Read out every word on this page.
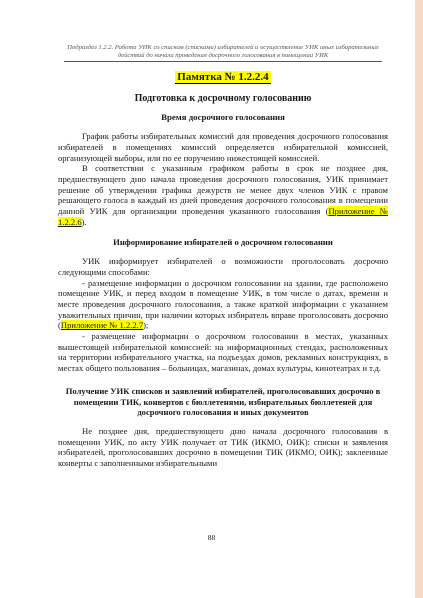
Подраздел 1.2.2. Работа УИК со списком (списками) избирателей и осуществление УИК иных избирательных действий до начала проведения досрочного голосования в помещении УИК
Памятка № 1.2.2.4
Подготовка к досрочному голосованию
Время досрочного голосования

График работы избирательных комиссий для проведения досрочного голосования избирателей в помещениях комиссий определяется избирательной комиссией, организующей выборы, или по ее поручению нижестоящей комиссией.

В соответствии с указанным графиком работы в срок не позднее дня, предшествующего дню начала проведения досрочного голосования, УИК принимает решение об утверждении графика дежурств не менее двух членов УИК с правом решающего голоса в каждый из дней проведения досрочного голосования в помещении данной УИК для организации проведения указанного голосования (Приложение № 1.2.2.6).

Информирование избирателей о досрочном голосовании

УИК информирует избирателей о возможности проголосовать досрочно следующими способами:

- размещение информации о досрочном голосовании на здании, где расположено помещение УИК, и перед входом в помещение УИК, в том числе о датах, времени и месте проведения досрочного голосования, а также краткой информации с указанием уважительных причин, при наличии которых избиратель вправе проголосовать досрочно (Приложение № 1.2.2.7);

- размещение информации о досрочном голосовании в местах, указанных вышестоящей избирательной комиссией: на информационных стендах, расположенных на территории избирательного участка, на подъездах домов, рекламных конструкциях, в местах общего пользования – больницах, магазинах, домах культуры, кинотеатрах и т.д.

Получение УИК списков и заявлений избирателей, проголосовавших досрочно в помещении ТИК, конвертов с бюллетенями, избирательных бюллетеней для досрочного голосования и иных документов

Не позднее дня, предшествующего дню начала досрочного голосования в помещении УИК, по акту УИК получает от ТИК (ИКМО, ОИК): списки и заявления избирателей, проголосовавших досрочно в помещении ТИК (ИКМО, ОИК); заклеенные конверты с заполненными избирательными

88
